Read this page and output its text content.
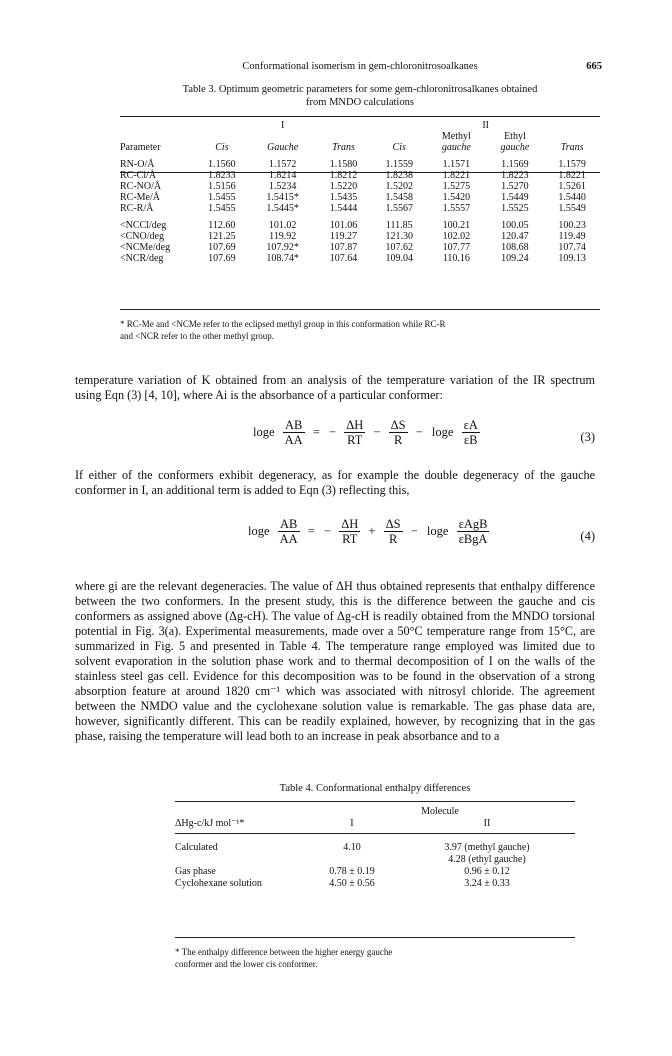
Conformational isomerism in gem-chloronitrosoalkanes	665
Table 3. Optimum geometric parameters for some gem-chloronitrosalkanes obtained
from MNDO calculations
	I			II			
					Methyl	Ethyl	
Parameter	Cis	Gauche	Trans	Cis	gauche	gauche	Trans

RN-O/Å	1.1560	1.1572	1.1580	1.1559	1.1571	1.1569	1.1579
RC-Cl/Å	1.8233	1.8214	1.8212	1.8238	1.8221	1.8223	1.8221
RC-NO/Å	1.5156	1.5234	1.5220	1.5202	1.5275	1.5270	1.5261
RC-Me/Å	1.5455	1.5415*	1.5435	1.5458	1.5420	1.5449	1.5440
RC-R/Å	1.5455	1.5445*	1.5444	1.5567	1.5557	1.5525	1.5549

<NCCl/deg	112.60	101.02	101.06	111.85	100.21	100.05	100.23
<CNO/deg	121.25	119.92	119.27	121.30	102.02	120.47	119.49
<NCMe/deg	107.69	107.92*	107.87	107.62	107.77	108.68	107.74
<NCR/deg	107.69	108.74*	107.64	109.04	110.16	109.24	109.13
* RC-Me and <NCMe refer to the eclipsed methyl group in this conformation while RC-R
and <NCR refer to the other methyl group.

temperature variation of K obtained from an analysis of the temperature variation of the IR spectrum using Eqn (3) [4, 10], where Ai is the absorbance of a particular conformer:

loge $\frac{AB}{AA}$ = − $\frac{\Delta H}{RT} - \frac{\Delta S}{R} - \log e \frac{\varepsilon A}{\varepsilon B}$	(3)

If either of the conformers exhibit degeneracy, as for example the double degeneracy of the gauche conformer in I, an additional term is added to Eqn (3) reflecting this,

loge $\frac{AB}{AA}$ = − $\frac{\Delta H}{RT} + \frac{\Delta S}{R} - \log e \frac{\text{εAgB}}{\text{εBgA}}$	(4)

where gi are the relevant degeneracies. The value of ΔH thus obtained represents that enthalpy difference between the two conformers. In the present study, this is the difference between the gauche and cis conformers as assigned above (Δg-cH). The value of Δg-cH is readily obtained from the MNDO torsional potential in Fig. 3(a). Experimental measurements, made over a 50°C temperature range from 15°C, are summarized in Fig. 5 and presented in Table 4. The temperature range employed was limited due to solvent evaporation in the solution phase work and to thermal decomposition of I on the walls of the stainless steel gas cell. Evidence for this decomposition was to be found in the observation of a strong absorption feature at around 1820 cm⁻¹ which was associated with nitrosyl chloride. The agreement between the NMDO value and the cyclohexane solution value is remarkable. The gas phase data are, however, significantly different. This can be readily explained, however, by recognizing that in the gas phase, raising the temperature will lead both to an increase in peak absorbance and to a

Table 4. Conformational enthalpy differences
	Molecule	
ΔHg-c/kJ mol⁻¹*	I	II

Calculated	4.10	3.97 (methyl gauche)
		4.28 (ethyl gauche)
Gas phase	0.78 ± 0.19	0.96 ± 0.12
Cyclohexane solution	4.50 ± 0.56	3.24 ± 0.33
* The enthalpy difference between the higher energy gauche
conformer and the lower cis conformer.
